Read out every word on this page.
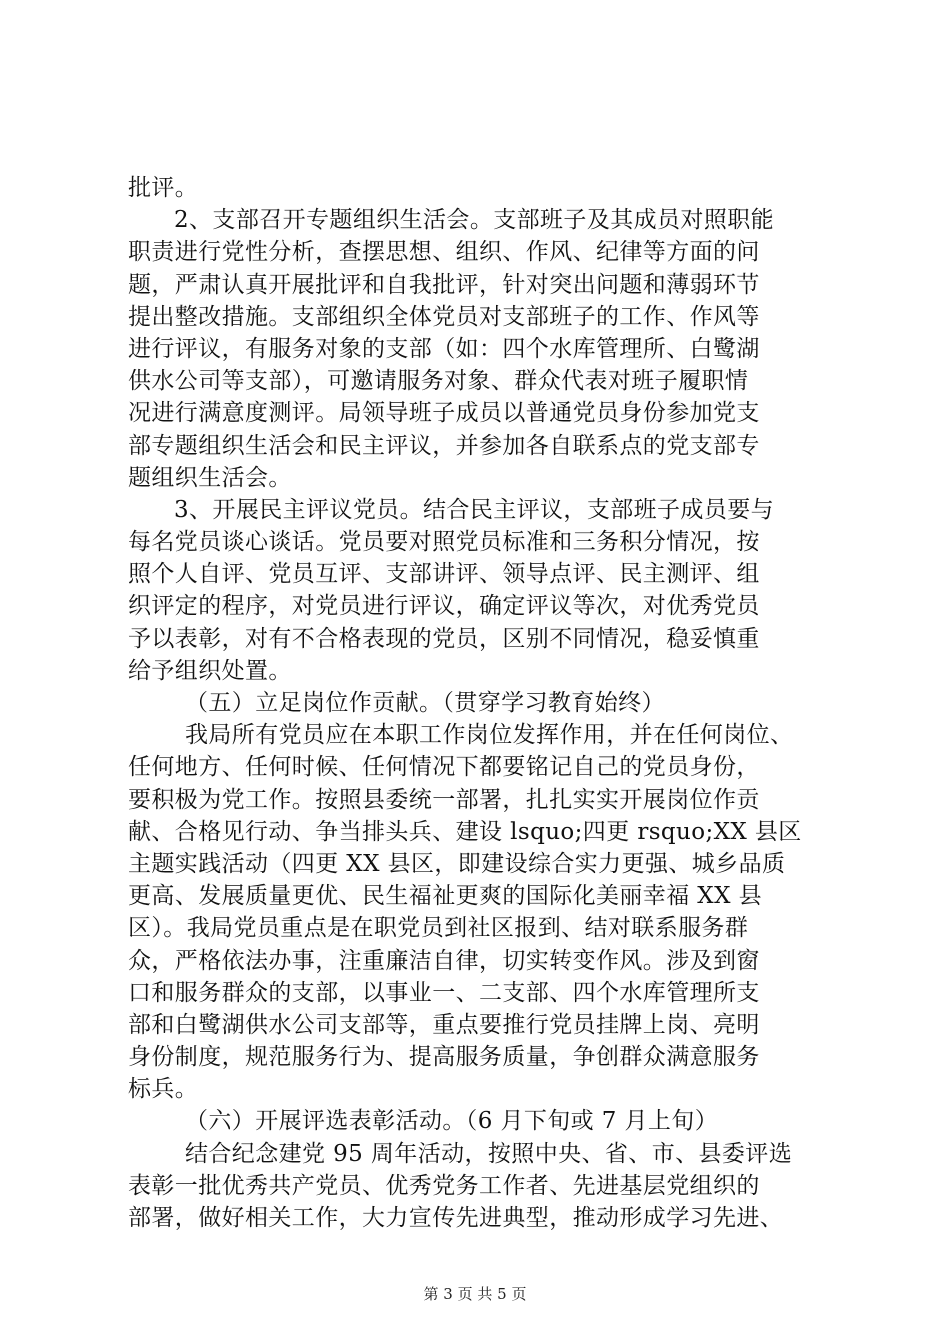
批评。
2、支部召开专题组织生活会。支部班子及其成员对照职能
职责进行党性分析，查摆思想、组织、作风、纪律等方面的问
题，严肃认真开展批评和自我批评，针对突出问题和薄弱环节
提出整改措施。支部组织全体党员对支部班子的工作、作风等
进行评议，有服务对象的支部（如：四个水库管理所、白鹭湖
供水公司等支部），可邀请服务对象、群众代表对班子履职情
况进行满意度测评。局领导班子成员以普通党员身份参加党支
部专题组织生活会和民主评议，并参加各自联系点的党支部专
题组织生活会。
3、开展民主评议党员。结合民主评议，支部班子成员要与
每名党员谈心谈话。党员要对照党员标准和三务积分情况，按
照个人自评、党员互评、支部讲评、领导点评、民主测评、组
织评定的程序，对党员进行评议，确定评议等次，对优秀党员
予以表彰，对有不合格表现的党员，区别不同情况，稳妥慎重
给予组织处置。
（五）立足岗位作贡献。（贯穿学习教育始终）
我局所有党员应在本职工作岗位发挥作用，并在任何岗位、
任何地方、任何时候、任何情况下都要铭记自己的党员身份，
要积极为党工作。按照县委统一部署，扎扎实实开展岗位作贡
献、合格见行动、争当排头兵、建设 lsquo;四更 rsquo;XX 县区
主题实践活动（四更 XX 县区，即建设综合实力更强、城乡品质
更高、发展质量更优、民生福祉更爽的国际化美丽幸福 XX 县
区）。我局党员重点是在职党员到社区报到、结对联系服务群
众，严格依法办事，注重廉洁自律，切实转变作风。涉及到窗
口和服务群众的支部，以事业一、二支部、四个水库管理所支
部和白鹭湖供水公司支部等，重点要推行党员挂牌上岗、亮明
身份制度，规范服务行为、提高服务质量，争创群众满意服务
标兵。
（六）开展评选表彰活动。（6 月下旬或 7 月上旬）
结合纪念建党 95 周年活动，按照中央、省、市、县委评选
表彰一批优秀共产党员、优秀党务工作者、先进基层党组织的
部署，做好相关工作，大力宣传先进典型，推动形成学习先进、
第 3 页 共 5 页
